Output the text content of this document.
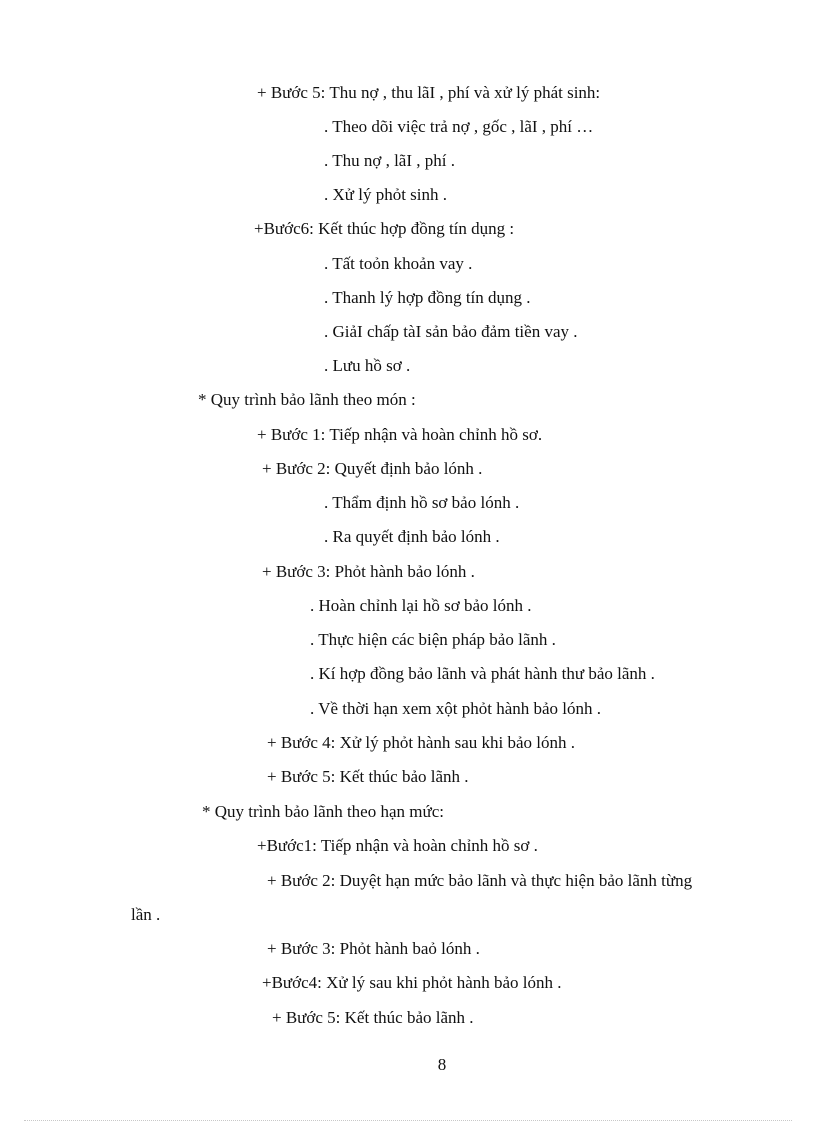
+ Bước 5: Thu nợ , thu lãI , phí và xử lý phát sinh:
. Theo dõi việc trả nợ , gốc , lãI , phí …
. Thu nợ , lãI , phí .
. Xử lý phỏt sinh .
+Bước6: Kết thúc hợp đồng tín dụng :
. Tất toỏn khoản vay .
. Thanh lý hợp đồng tín dụng .
. GiảI chấp tàI sản bảo đảm tiền vay .
. Lưu hồ sơ .
* Quy trình bảo lãnh theo món :
+ Bước 1: Tiếp nhận và hoàn chỉnh hồ sơ.
+ Bước 2: Quyết định bảo lónh .
. Thẩm định hồ sơ bảo lónh .
. Ra quyết định bảo lónh .
+ Bước 3: Phỏt hành bảo lónh .
. Hoàn chỉnh lại hồ sơ bảo lónh .
. Thực hiện các biện pháp bảo lãnh .
. Kí hợp đồng bảo lãnh và phát hành thư bảo lãnh .
. Về thời hạn xem xột phỏt hành bảo lónh .
+ Bước 4: Xử lý phỏt hành sau khi bảo lónh .
+ Bước 5: Kết thúc bảo lãnh .
* Quy trình bảo lãnh theo hạn mức:
+Bước1: Tiếp nhận và hoàn chỉnh hồ sơ .
+ Bước 2: Duyệt hạn mức bảo lãnh và thực hiện bảo lãnh từng
lần .
+ Bước 3: Phỏt hành baỏ lónh .
+Bước4: Xử lý sau khi phỏt hành bảo lónh .
+ Bước 5: Kết thúc bảo lãnh .
8
